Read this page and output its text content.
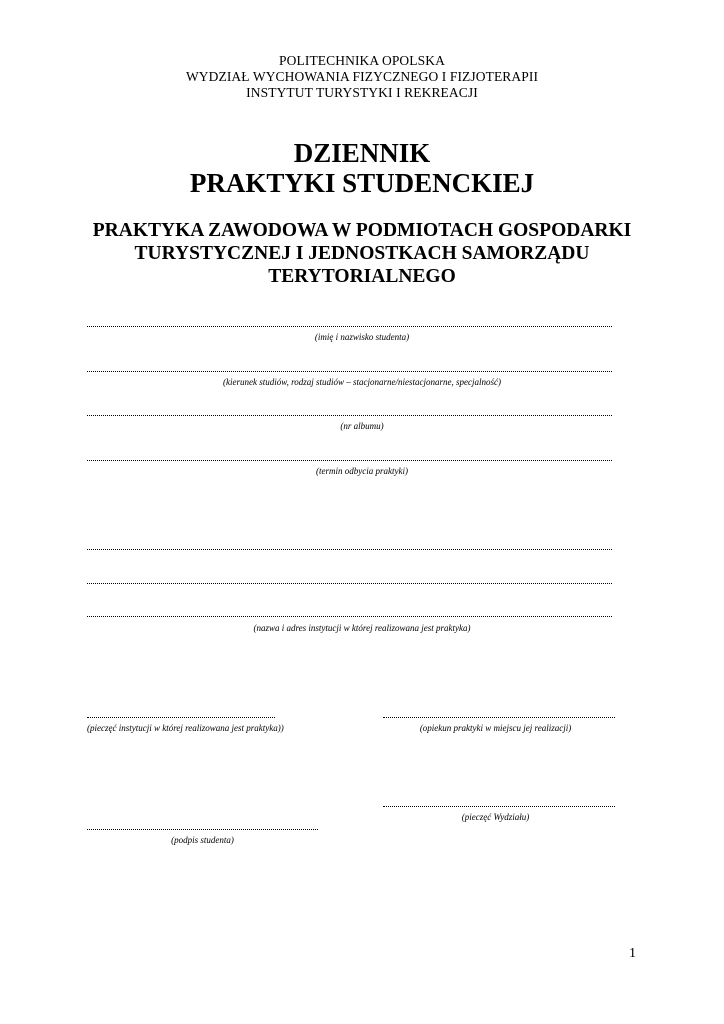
POLITECHNIKA OPOLSKA
WYDZIAŁ WYCHOWANIA FIZYCZNEGO I FIZJOTERAPII
INSTYTUT TURYSTYKI I REKREACJI
DZIENNIK
PRAKTYKI STUDENCKIEJ
PRAKTYKA ZAWODOWA W PODMIOTACH GOSPODARKI
TURYSTYCZNEJ I JEDNOSTKACH SAMORZĄDU
TERYTORIALNEGO
(imię i nazwisko studenta)
(kierunek studiów, rodzaj studiów – stacjonarne/niestacjonarne, specjalność)
(nr albumu)
(termin odbycia praktyki)
(nazwa i adres instytucji w której realizowana jest praktyka)
(pieczęć instytucji w której realizowana jest praktyka))	(opiekun praktyki w miejscu jej realizacji)
(pieczęć Wydziału)
(podpis studenta)
1
